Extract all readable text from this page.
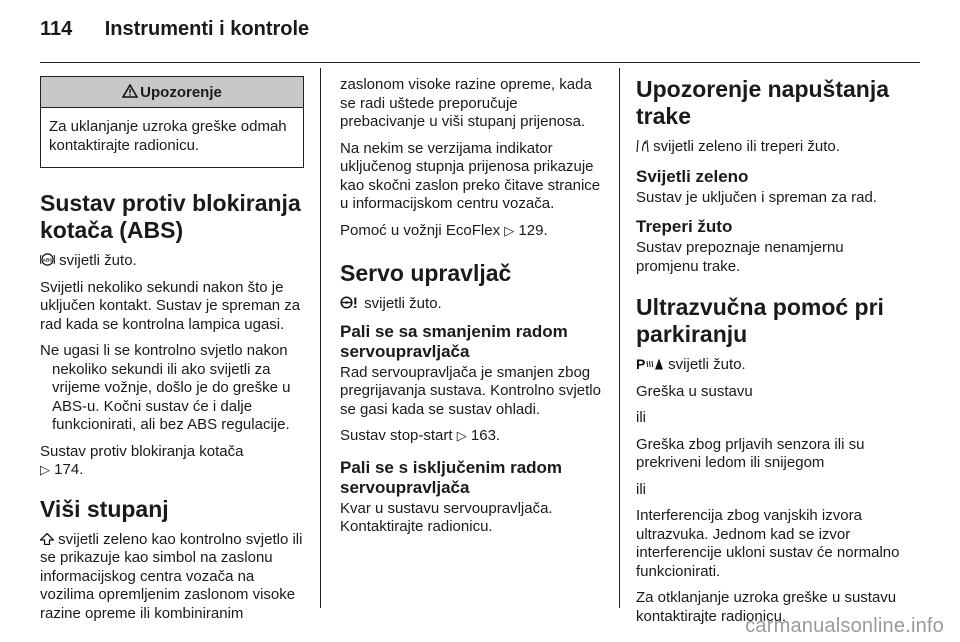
114 Instrumenti i kontrole
Upozorenje
Za uklanjanje uzroka greške odmah kontaktirajte radionicu.
Sustav protiv blokiranja kotača (ABS)

ABS svijetli žuto.

Svijetli nekoliko sekundi nakon što je uključen kontakt. Sustav je spreman za rad kada se kontrolna lampica ugasi.

Ne ugasi li se kontrolno svjetlo nakon nekoliko sekundi ili ako svijetli za vrijeme vožnje, došlo je do greške u ABS-u. Kočni sustav će i dalje funkcionirati, ali bez ABS regulacije.

Sustav protiv blokiranja kotača
▷ 174.

Viši stupanj

svijetli zeleno kao kontrolno svjetlo ili se prikazuje kao simbol na zaslonu informacijskog centra vozača na vozilima opremljenim zaslonom visoke razine opreme ili kombiniranim

zaslonom visoke razine opreme, kada se radi uštede preporučuje prebacivanje u viši stupanj prijenosa.

Na nekim se verzijama indikator uključenog stupnja prijenosa prikazuje kao skočni zaslon preko čitave stranice u informacijskom centru vozača.

Pomoć u vožnji EcoFlex ▷ 129.

Servo upravljač

svijetli žuto.

Pali se sa smanjenim radom servoupravljača

Rad servoupravljača je smanjen zbog pregrijavanja sustava. Kontrolno svjetlo se gasi kada se sustav ohladi.

Sustav stop-start ▷ 163.

Pali se s isključenim radom servoupravljača

Kvar u sustavu servoupravljača. Kontaktirajte radionicu.

Upozorenje napuštanja trake

svijetli zeleno ili treperi žuto.

Svijetli zeleno

Sustav je uključen i spreman za rad.

Treperi žuto

Sustav prepoznaje nenamjernu promjenu trake.

Ultrazvučna pomoć pri parkiranju

P svijetli žuto.

Greška u sustavu

ili

Greška zbog prljavih senzora ili su prekriveni ledom ili snijegom

ili

Interferencija zbog vanjskih izvora ultrazvuka. Jednom kad se izvor interferencije ukloni sustav će normalno funkcionirati.

Za otklanjanje uzroka greške u sustavu kontaktirajte radionicu.

carmanualsonline.info
